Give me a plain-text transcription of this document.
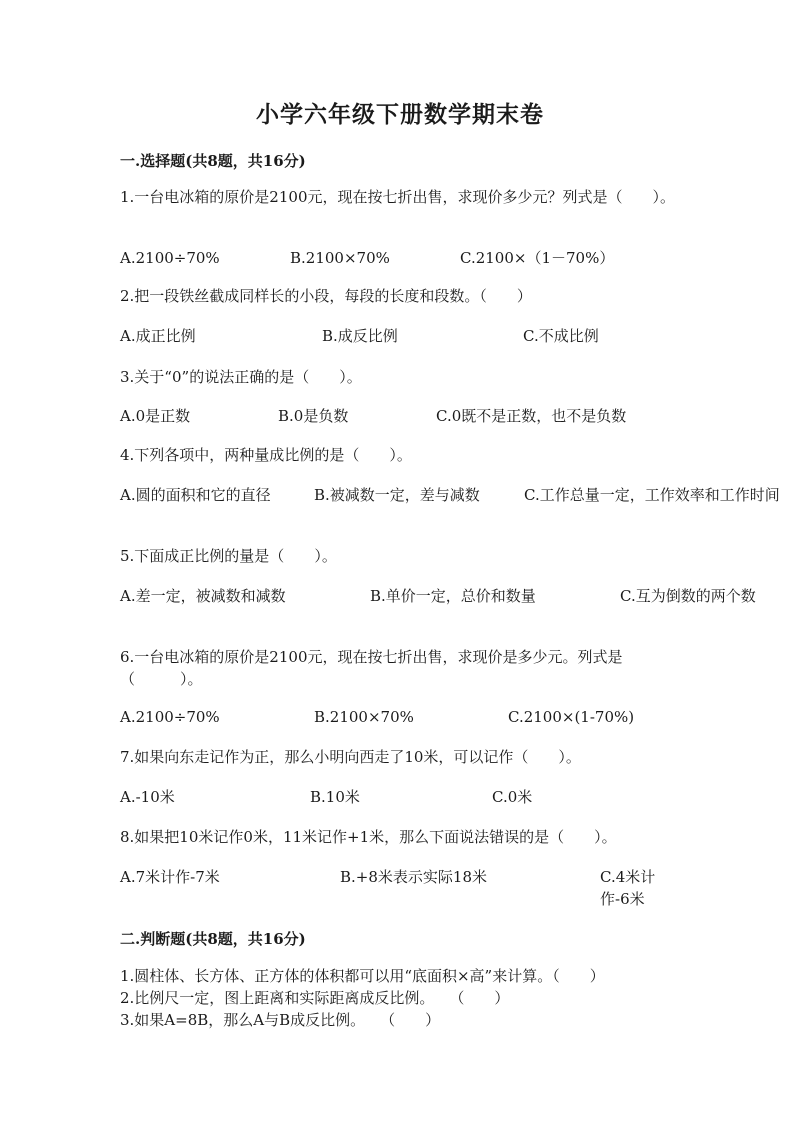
小学六年级下册数学期末卷
一.选择题(共8题，共16分)
1.一台电冰箱的原价是2100元，现在按七折出售，求现价多少元？列式是（　　）。
A.2100÷70%	B.2100×70%	C.2100×（1－70%）
2.把一段铁丝截成同样长的小段，每段的长度和段数。（　　）
A.成正比例	B.成反比例	C.不成比例
3.关于“0”的说法正确的是（　　）。
A.0是正数	B.0是负数	C.0既不是正数，也不是负数
4.下列各项中，两种量成比例的是（　　）。
A.圆的面积和它的直径	B.被减数一定，差与减数	C.工作总量一定，工作效率和工作时间
5.下面成正比例的量是（　　）。
A.差一定，被减数和减数	B.单价一定，总价和数量	C.互为倒数的两个数
6.一台电冰箱的原价是2100元，现在按七折出售，求现价是多少元。列式是（　　　）。
A.2100÷70%	B.2100×70%	C.2100×(1-70%)
7.如果向东走记作为正，那么小明向西走了10米，可以记作（　　）。
A.-10米	B.10米	C.0米
8.如果把10米记作0米，11米记作+1米，那么下面说法错误的是（　　）。
A.7米计作-7米	B.+8米表示实际18米	C.4米计作-6米
二.判断题(共8题，共16分)
1.圆柱体、长方体、正方体的体积都可以用“底面积×高”来计算。（　　）
2.比例尺一定，图上距离和实际距离成反比例。　　（　　）
3.如果A=8B，那么A与B成反比例。　　（　　）
